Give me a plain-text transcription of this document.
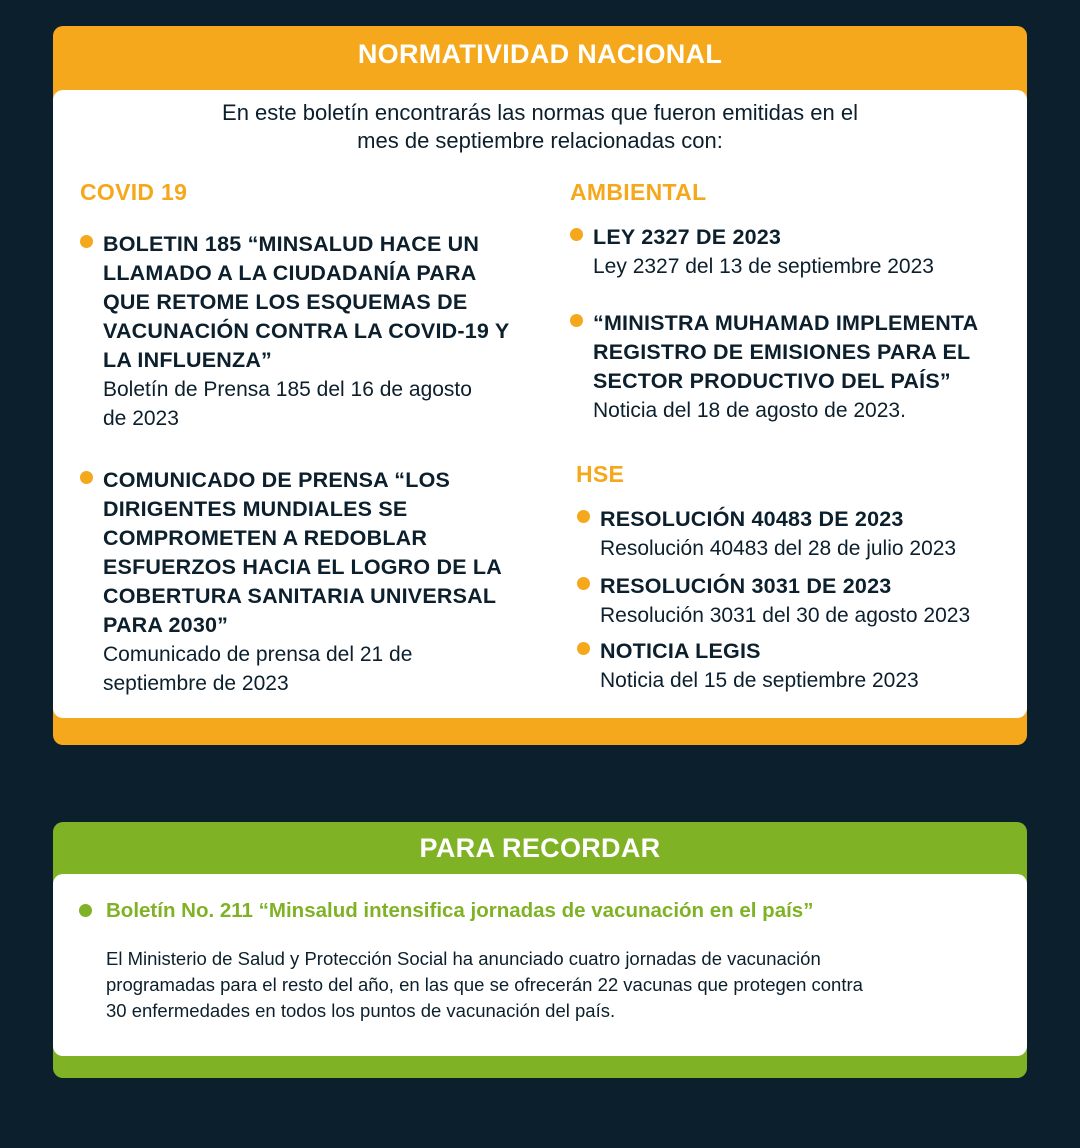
NORMATIVIDAD NACIONAL
En este boletín encontrarás las normas que fueron emitidas en el
mes de septiembre relacionadas con:
COVID 19
BOLETIN 185 “MINSALUD HACE UN
LLAMADO A LA CIUDADANÍA PARA
QUE RETOME LOS ESQUEMAS DE
VACUNACIÓN CONTRA LA COVID-19 Y
LA INFLUENZA”
Boletín de Prensa 185 del 16 de agosto
de 2023
COMUNICADO DE PRENSA “LOS
DIRIGENTES MUNDIALES SE
COMPROMETEN A REDOBLAR
ESFUERZOS HACIA EL LOGRO DE LA
COBERTURA SANITARIA UNIVERSAL
PARA 2030”
Comunicado de prensa del 21 de
septiembre de 2023
AMBIENTAL
LEY 2327 DE 2023
Ley 2327 del 13 de septiembre 2023
“MINISTRA MUHAMAD IMPLEMENTA
REGISTRO DE EMISIONES PARA EL
SECTOR PRODUCTIVO DEL PAÍS”
Noticia del 18 de agosto de 2023.
HSE
RESOLUCIÓN 40483 DE 2023
Resolución 40483 del 28 de julio 2023
RESOLUCIÓN 3031 DE 2023
Resolución 3031 del 30 de agosto 2023
NOTICIA LEGIS
Noticia del 15 de septiembre 2023
PARA RECORDAR
Boletín No. 211 “Minsalud intensifica jornadas de vacunación en el país”
El Ministerio de Salud y Protección Social ha anunciado cuatro jornadas de vacunación
programadas para el resto del año, en las que se ofrecerán 22 vacunas que protegen contra
30 enfermedades en todos los puntos de vacunación del país.
